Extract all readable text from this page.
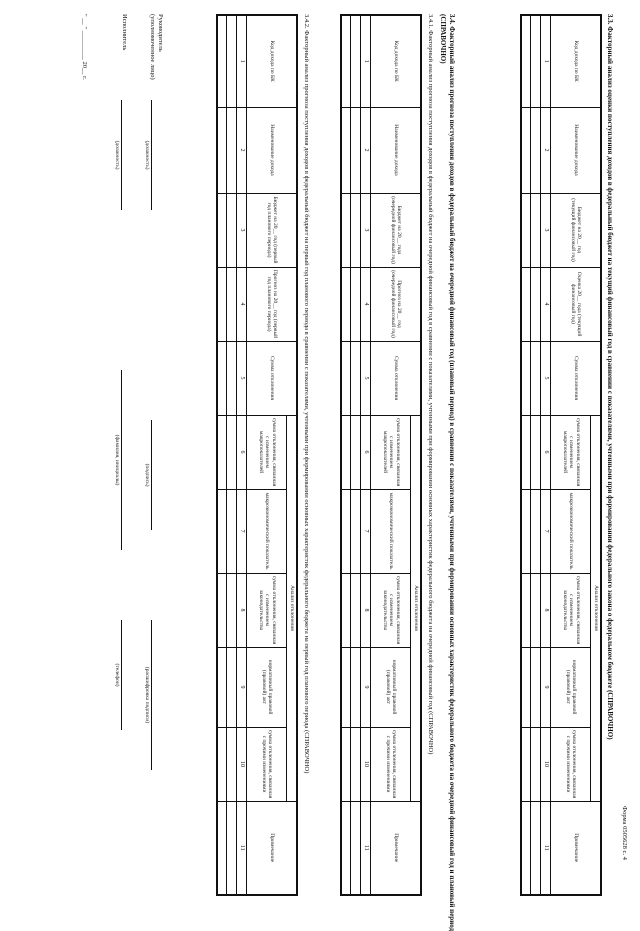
Форма 0505628 с. 4
3.3. Факторный анализ оценки поступления доходов в федеральный бюджет на текущий финансовый год в сравнении с показателями, учтенными при формировании федерального закона о федеральном бюджете (СПРАВОЧНО)
Код дохода по БК	Наименование дохода	Бюджет на 20__ год (текущий финансовый год)	Оценка 20__ года (текущий финансовый год)	Сумма отклонения	Анализ отклонения					Примечание
					сумма отклонения, связанная с изменением макропоказателей	макроэкономический показатель	сумма отклонения, связанная с изменением законодательства	нормативный правовой (правовой) акт	сумма отклонения, связанная с прочими изменениями	
1	2	3	4	5	6	7	8	9	10	11

3.4. Факторный анализ прогноза поступления доходов в федеральный бюджет на очередной финансовый год (плановый период) в сравнении с показателями, учтенными при формировании основных характеристик федерального бюджета на очередной финансовый год и плановый период
(СПРАВОЧНО)
3.4.1. Факторный анализ прогноза поступления доходов в федеральный бюджет на очередной финансовый год в сравнении с показателями, учтенными при формировании основных характеристик федерального бюджета на очередной финансовый год (СПРАВОЧНО)
Код дохода по БК	Наименование дохода	Бюджет на 20__ года (очередной финансовый год)	Прогноз на 20__ год (очередной финансовый год)	Сумма отклонения	Анализ отклонения					Примечание
					сумма отклонения, связанная с изменением макропоказателей	макроэкономический показатель	сумма отклонения, связанная с изменением законодательства	нормативный правовой (правовой) акт	сумма отклонения, связанная с прочими изменениями	
1	2	3	4	5	6	7	8	9	10	11

3.4.2. Факторный анализ прогноза поступления доходов в федеральный бюджет на первый год планового периода в сравнении с показателями, учтенными при формировании основных характеристик федерального бюджета на первый год планового периода (СПРАВОЧНО)
Код дохода по БК	Наименование дохода	Бюджет на 20__ год (первый год планового периода)	Прогноз на 20__ год (первый год планового периода)	Сумма отклонения	Анализ отклонения					Примечание
					сумма отклонения, связанная с изменением макропоказателей	макроэкономический показатель	сумма отклонения, связанная с изменением законодательства	нормативный правовой (правовой) акт	сумма отклонения, связанная с прочими изменениями	
1	2	3	4	5	6	7	8	9	10	11

Руководитель
(уполномоченное лицо)
(должность)
(подпись)
(расшифровка подписи)
Исполнитель
(должность)
(фамилия, инициалы)
(телефон)
" __ " _________ 20__ г.
